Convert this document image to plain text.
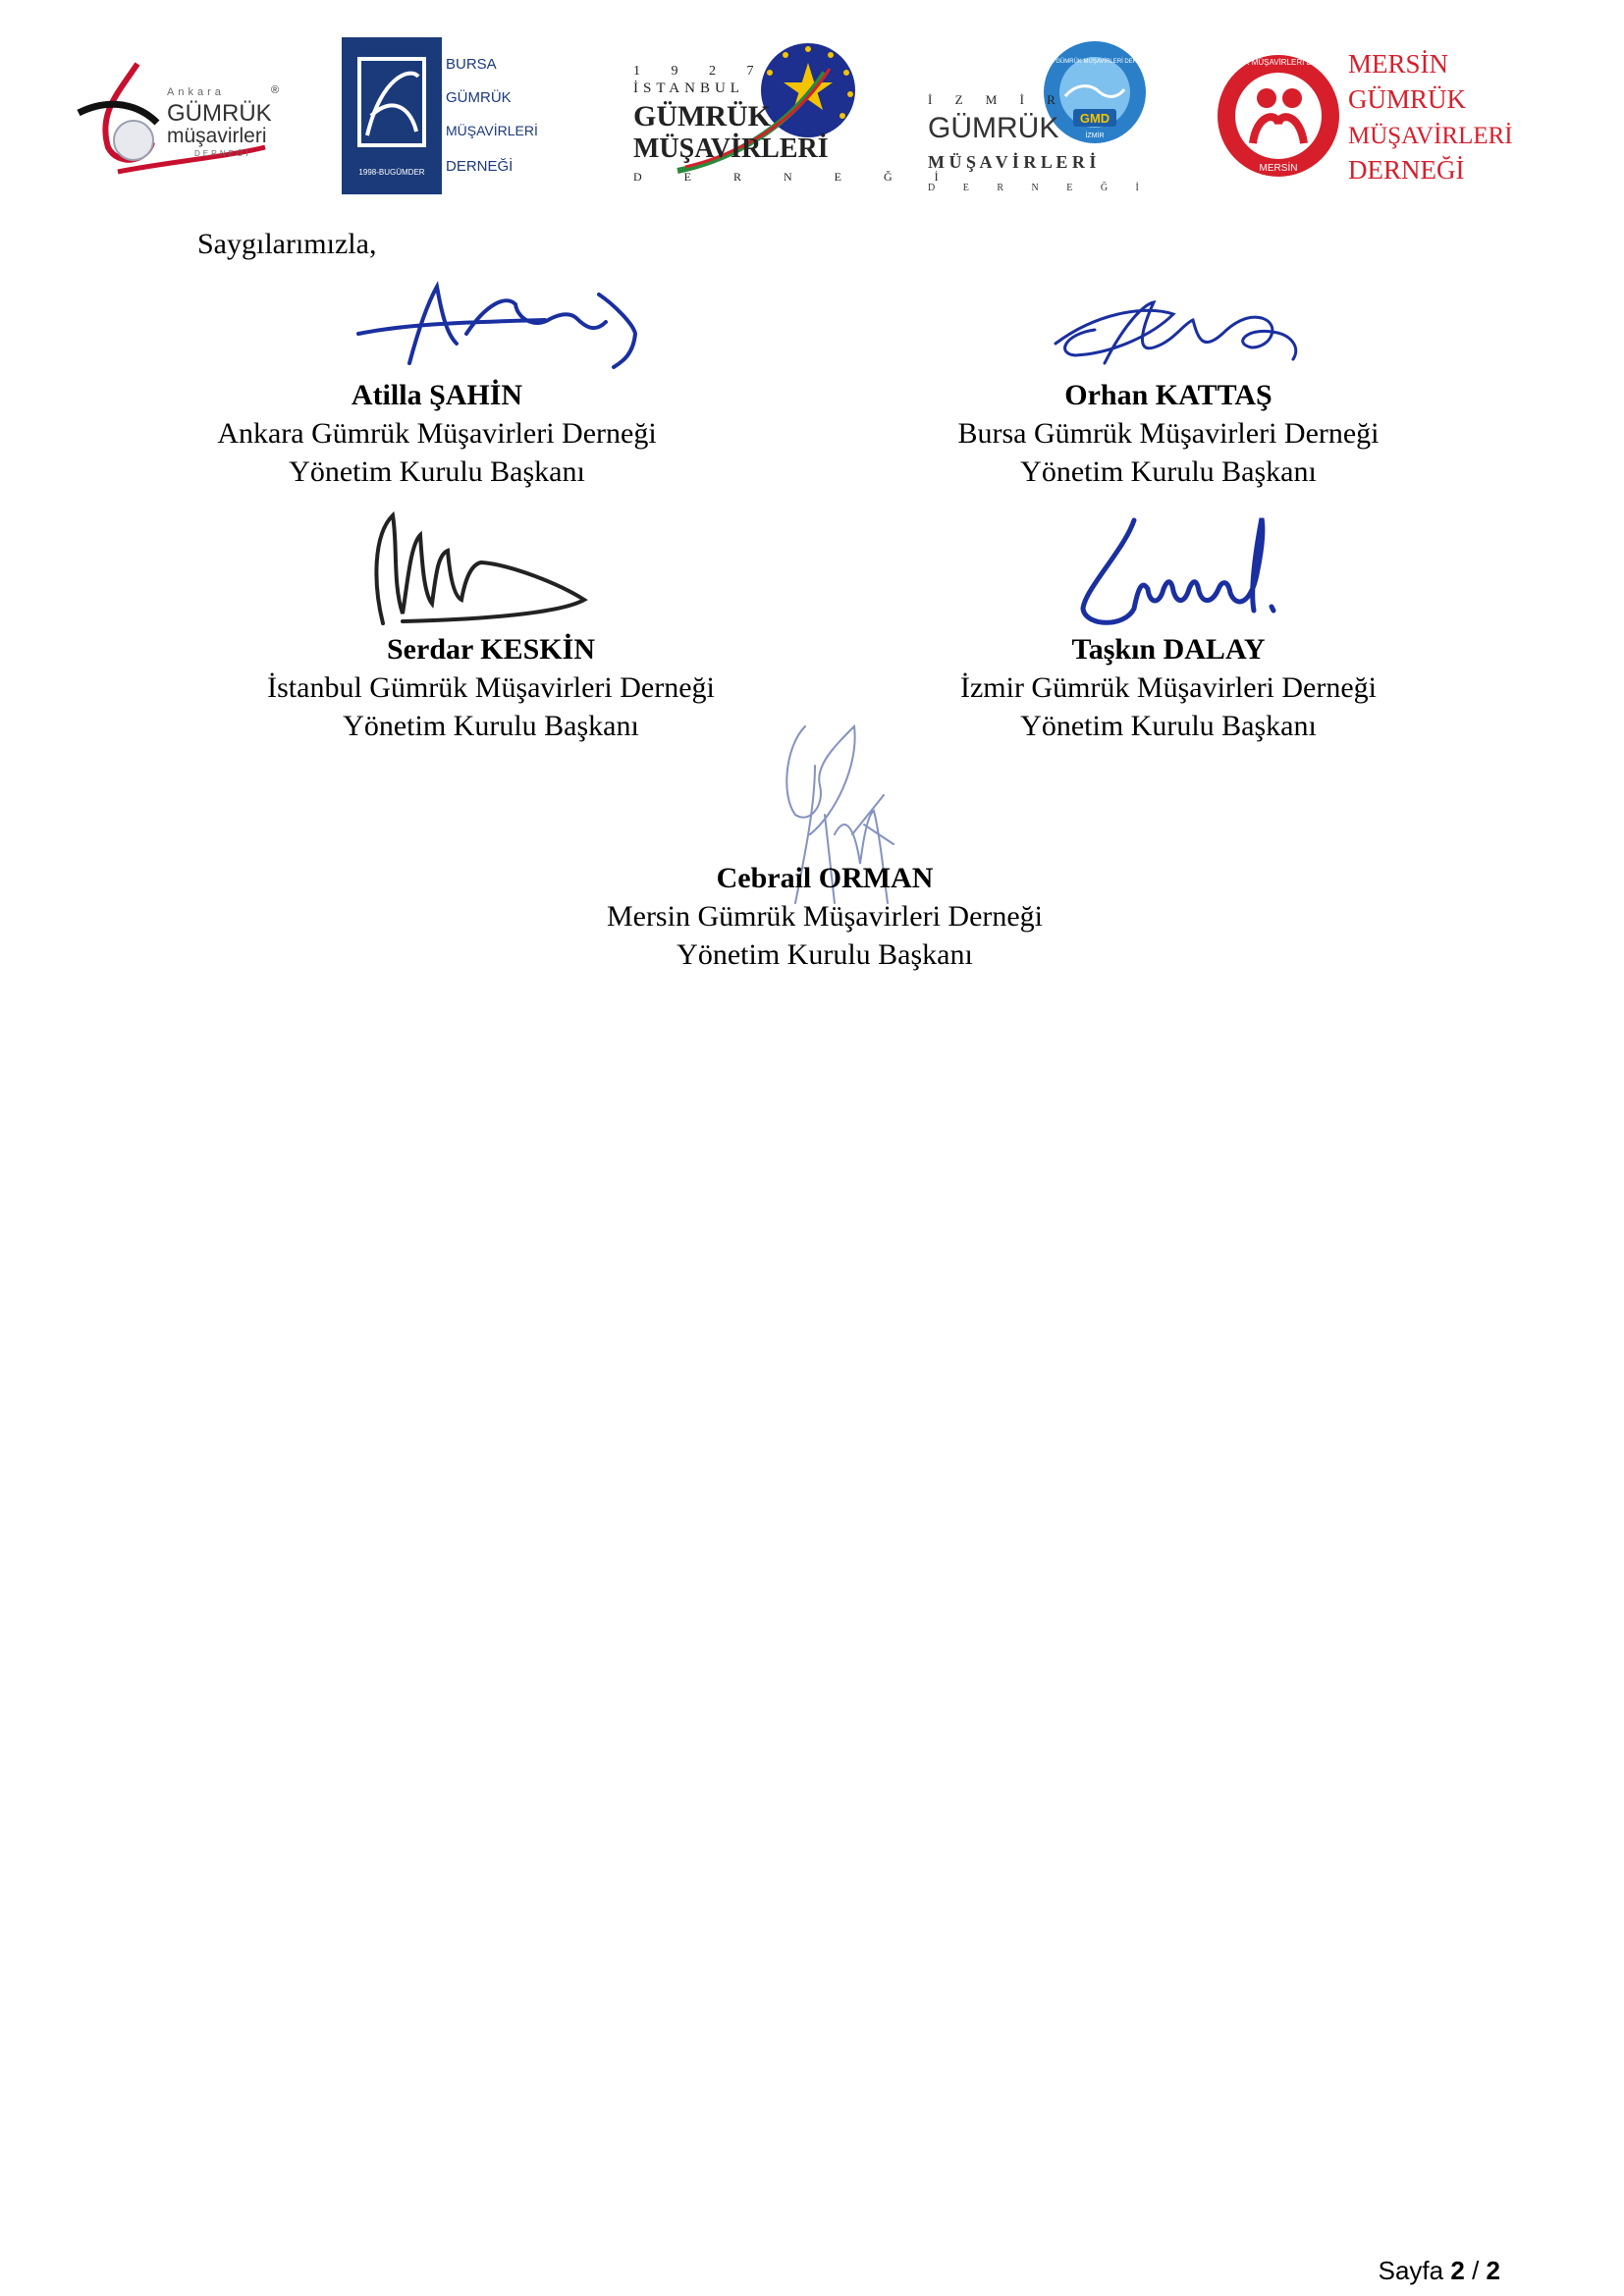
Ankara
GÜMRÜK
müşavirleri
DERNEĞİ
®
1998-BUGÜMDER
BURSA
GÜMRÜK
MÜŞAVİRLERİ
DERNEĞİ
1 9 2 7
İSTANBUL
GÜMRÜK
MÜŞAVİRLERİ
D E R N E Ğ İ
GMD
İZMİR GÜMRÜK MÜŞAVİRLERİ DERNEĞİ
İZMİR
İ Z M İ R
GÜMRÜK
M Ü Ş A V İ R L E R İ
D E R N E Ğ İ
GÜMRÜK MÜŞAVİRLERİ DERNEĞİ
MERSİN
MERSİN
GÜMRÜK
MÜŞAVİRLERİ
DERNEĞİ
Saygılarımızla,
Atilla ŞAHİN
Ankara Gümrük Müşavirleri Derneği
Yönetim Kurulu Başkanı
Orhan KATTAŞ
Bursa Gümrük Müşavirleri Derneği
Yönetim Kurulu Başkanı
Serdar KESKİN
İstanbul Gümrük Müşavirleri Derneği
Yönetim Kurulu Başkanı
Taşkın DALAY
İzmir Gümrük Müşavirleri Derneği
Yönetim Kurulu Başkanı
Cebrail ORMAN
Mersin Gümrük Müşavirleri Derneği
Yönetim Kurulu Başkanı
Sayfa 2 / 2
